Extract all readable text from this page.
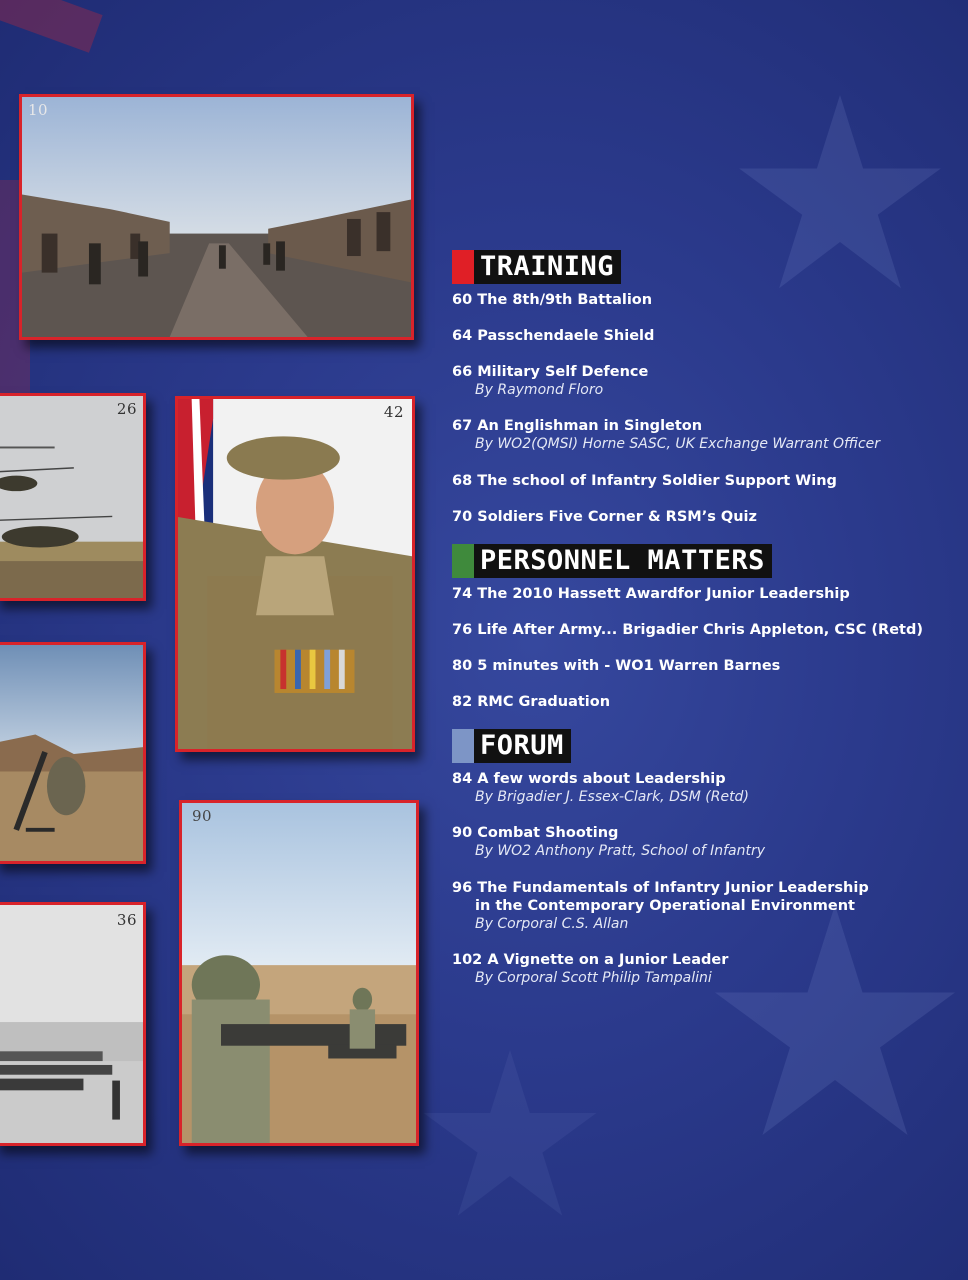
10
26	42
90
36
TRAINING
60 The 8th/9th Battalion
64 Passchendaele Shield
66 Military Self Defence
By Raymond Floro
67 An Englishman in Singleton
By WO2(QMSI) Horne SASC, UK Exchange Warrant Officer
68 The school of Infantry Soldier Support Wing
70 Soldiers Five Corner & RSM’s Quiz
PERSONNEL MATTERS
74 The 2010 Hassett Awardfor Junior Leadership
76 Life After Army... Brigadier Chris Appleton, CSC (Retd)
80 5 minutes with - WO1 Warren Barnes
82 RMC Graduation
FORUM
84 A few words about Leadership
By Brigadier J. Essex-Clark, DSM (Retd)
90 Combat Shooting
By WO2 Anthony Pratt, School of Infantry
96 The Fundamentals of Infantry Junior Leadership
in the Contemporary Operational Environment
By Corporal C.S. Allan
102 A Vignette on a Junior Leader
By Corporal Scott Philip Tampalini
